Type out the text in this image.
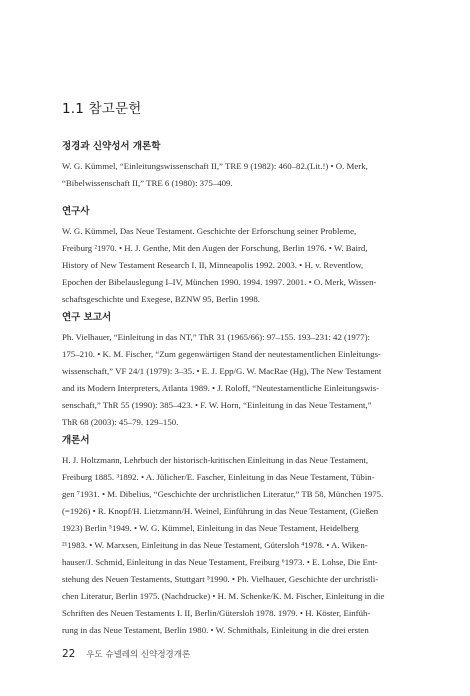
1.1 참고문헌
정경과 신약성서 개론학

W. G. Kümmel, “Einleitungswissenschaft II,” TRE 9 (1982): 460–82.(Lit.!) • O. Merk,
“Bibelwissenschaft II,” TRE 6 (1980): 375–409.

연구사

W. G. Kümmel, Das Neue Testament. Geschichte der Erforschung seiner Probleme,
Freiburg ²1970. • H. J. Genthe, Mit den Augen der Forschung, Berlin 1976. • W. Baird,
History of New Testament Research I. II, Minneapolis 1992. 2003. • H. v. Reventlow,
Epochen der Bibelauslegung I–IV, München 1990. 1994. 1997. 2001. • O. Merk, Wissen-
schaftsgeschichte und Exegese, BZNW 95, Berlin 1998.

연구 보고서

Ph. Vielhauer, “Einleitung in das NT,” ThR 31 (1965/66): 97–155. 193–231: 42 (1977):
175–210. • K. M. Fischer, “Zum gegenwärtigen Stand der neutestamentlichen Einleitungs-
wissenschaft,” VF 24/1 (1979): 3–35. • E. J. Epp/G. W. MacRae (Hg), The New Testament
and its Modern Interpreters, Atlanta 1989. • J. Roloff, “Neutestamentliche Einleitungswis-
senschaft,” ThR 55 (1990): 385–423. • F. W. Horn, “Einleitung in das Neue Testament,”
ThR 68 (2003): 45–79. 129–150.

개론서

H. J. Holtzmann, Lehrbuch der historisch-kritischen Einleitung in das Neue Testament,
Freiburg 1885. ³1892. • A. Jülicher/E. Fascher, Einleitung in das Neue Testament, Tübin-
gen ⁷1931. • M. Dibelius, “Geschichte der urchristlichen Literatur,” TB 58, München 1975.
(=1926) • R. Knopf/H. Lietzmann/H. Weinel, Einführung in das Neue Testament, (Gießen
1923) Berlin ⁵1949. • W. G. Kümmel, Einleitung in das Neue Testament, Heidelberg
²¹1983. • W. Marxsen, Einleitung in das Neue Testament, Gütersloh ⁴1978. • A. Wiken-
hauser/J. Schmid, Einleitung in das Neue Testament, Freiburg ⁶1973. • E. Lohse, Die Ent-
stehung des Neuen Testaments, Stuttgart ⁵1990. • Ph. Vielhauer, Geschichte der urchristli-
chen Literatur, Berlin 1975. (Nachdrucke) • H. M. Schenke/K. M. Fischer, Einleitung in die
Schriften des Neuen Testaments I. II, Berlin/Gütersloh 1978. 1979. • H. Köster, Einfüh-
rung in das Neue Testament, Berlin 1980. • W. Schmithals, Einleitung in die drei ersten

22 우도 슈넬레의 신약정경개론
